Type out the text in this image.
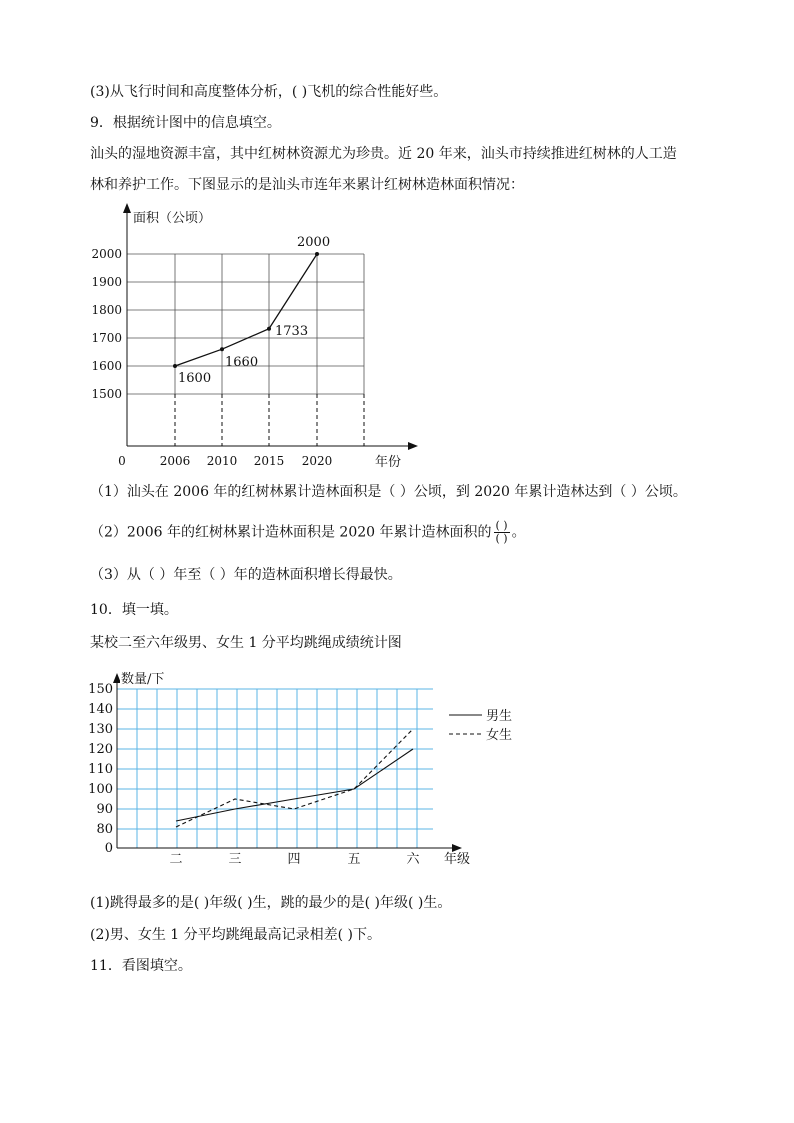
(3)从飞行时间和高度整体分析，( )飞机的综合性能好些。
9．根据统计图中的信息填空。
汕头的湿地资源丰富，其中红树林资源尤为珍贵。近 20 年来，汕头市持续推进红树林的人工造
林和养护工作。下图显示的是汕头市连年来累计红树林造林面积情况：
1500
1600
1700
1800
1900
2000
面积（公顷）
年份
0	2006 2010 2015 2020
1600
1660
1733
2000
（1）汕头在 2006 年的红树林累计造林面积是（ ）公顷，到 2020 年累计造林达到（ ）公顷。
（2）2006 年的红树林累计造林面积是 2020 年累计造林面积的 $\frac{( )}{( )}$ 。
（3）从（ ）年至（ ）年的造林面积增长得最快。
10．填一填。
某校二至六年级男、女生 1 分平均跳绳成绩统计图
0
80
90
100
110
120
130
140
150
数量/下
年级
二	三	四	五	六
男生
女生
(1)跳得最多的是( )年级( )生，跳的最少的是( )年级( )生。
(2)男、女生 1 分平均跳绳最高记录相差( )下。
11．看图填空。
